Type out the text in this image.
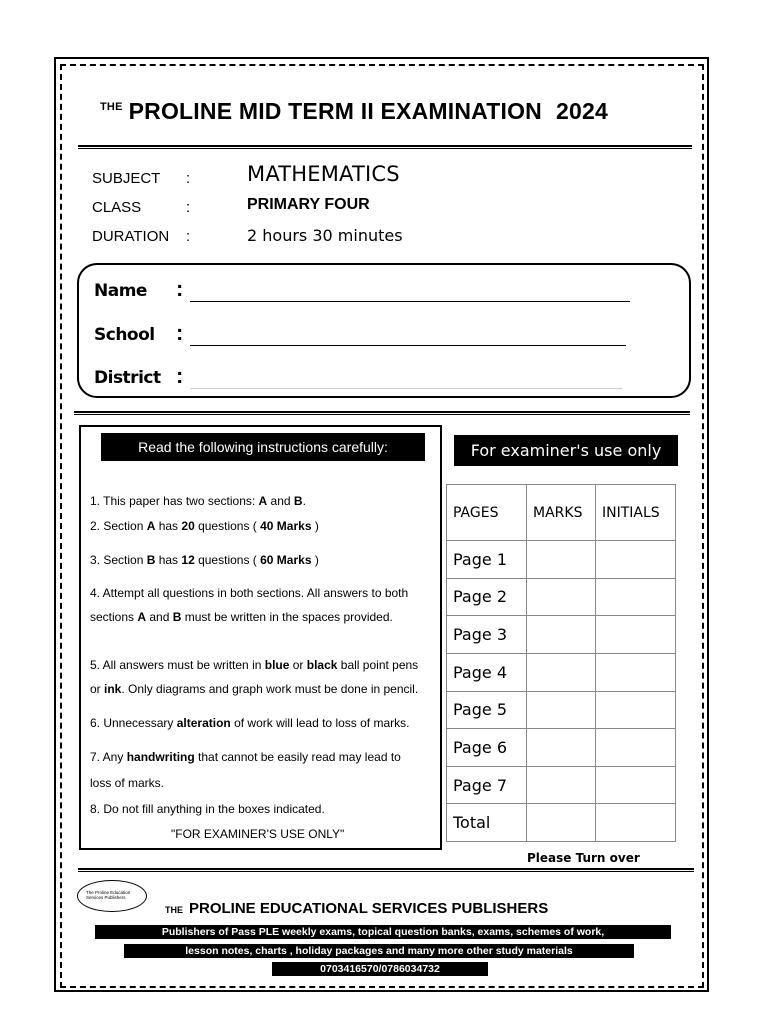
$^{THE}$ PROLINE MID TERM II EXAMINATION 2024
SUBJECT :	MATHEMATICS
CLASS	:	PRIMARY FOUR
DURATION :	2 hours 30 minutes
Name :
School :
District :
Read the following instructions carefully:
1. This paper has two sections: A and B.
2. Section A has 20 questions ( 40 Marks )
3. Section B has 12 questions ( 60 Marks )
4. Attempt all questions in both sections. All answers to both
sections A and B must be written in the spaces provided.
5. All answers must be written in blue or black ball point pens
or ink. Only diagrams and graph work must be done in pencil.
6. Unnecessary alteration of work will lead to loss of marks.
7. Any handwriting that cannot be easily read may lead to
loss of marks.
8. Do not fill anything in the boxes indicated.
"FOR EXAMINER'S USE ONLY"
For examiner's use only
PAGES	MARKS	INITIALS
Page 1		
Page 2		
Page 3		
Page 4		
Page 5		
Page 6		
Page 7		
Total		
Please Turn over
The Proline Education
Services Publishers
THE PROLINE EDUCATIONAL SERVICES PUBLISHERS
Publishers of Pass PLE weekly exams, topical question banks, exams, schemes of work,
lesson notes, charts , holiday packages and many more other study materials
0703416570/0786034732
